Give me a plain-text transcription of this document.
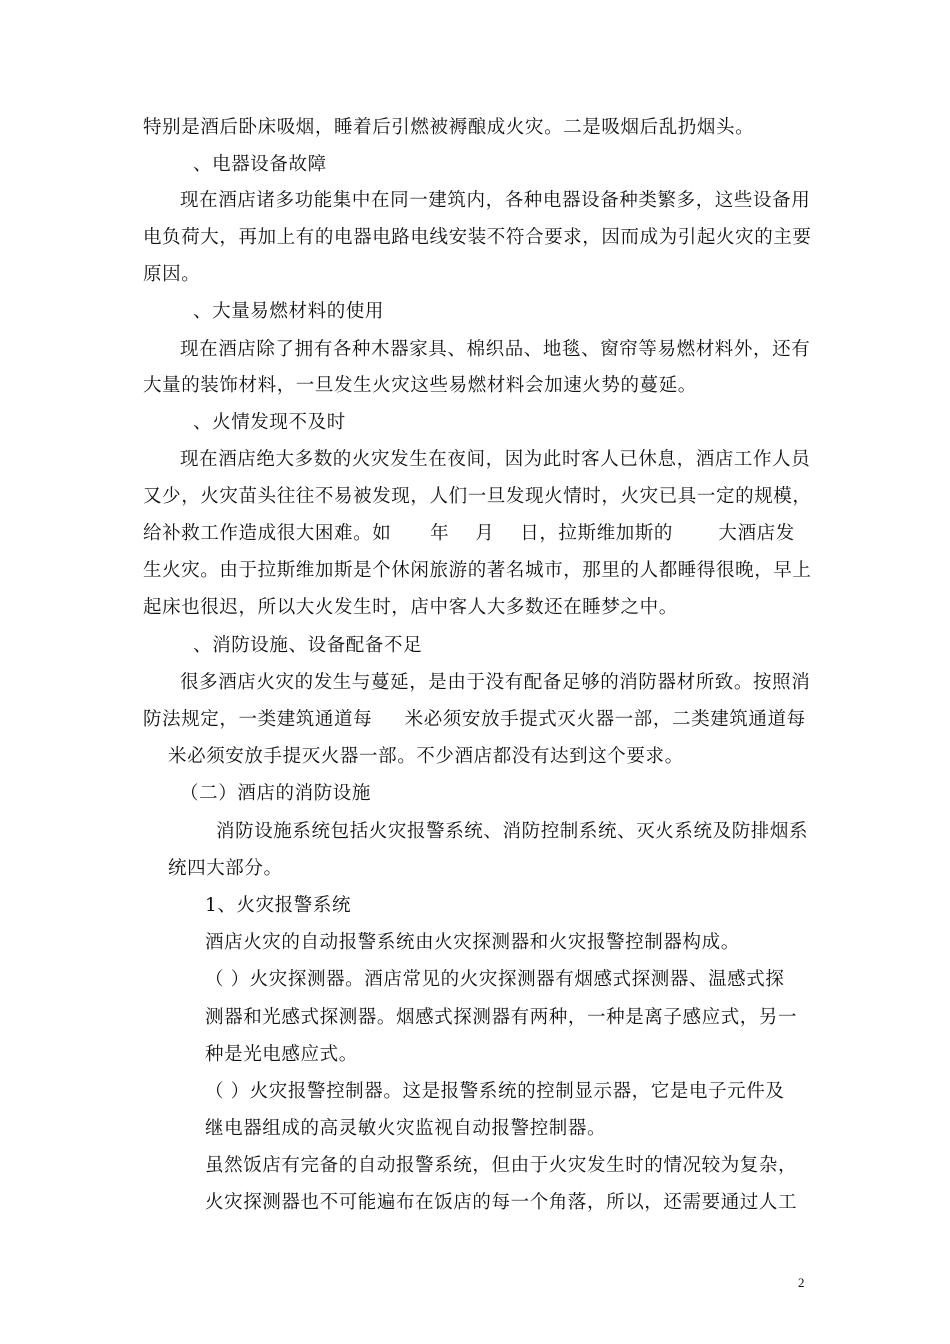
特别是酒后卧床吸烟，睡着后引燃被褥酿成火灾。二是吸烟后乱扔烟头。
、电器设备故障
现在酒店诸多功能集中在同一建筑内，各种电器设备种类繁多，这些设备用
电负荷大，再加上有的电器电路电线安装不符合要求，因而成为引起火灾的主要
原因。
、大量易燃材料的使用
现在酒店除了拥有各种木器家具、棉织品、地毯、窗帘等易燃材料外，还有
大量的装饰材料，一旦发生火灾这些易燃材料会加速火势的蔓延。
、火情发现不及时
现在酒店绝大多数的火灾发生在夜间，因为此时客人已休息，酒店工作人员
又少，火灾苗头往往不易被发现，人们一旦发现火情时，火灾已具一定的规模，
给补救工作造成很大困难。如      年    月    日，拉斯维加斯的       大酒店发
生火灾。由于拉斯维加斯是个休闲旅游的著名城市，那里的人都睡得很晚，早上
起床也很迟，所以大火发生时，店中客人大多数还在睡梦之中。
、消防设施、设备配备不足
很多酒店火灾的发生与蔓延，是由于没有配备足够的消防器材所致。按照消
防法规定，一类建筑通道每     米必须安放手提式灭火器一部，二类建筑通道每
米必须安放手提灭火器一部。不少酒店都没有达到这个要求。
（二）酒店的消防设施
消防设施系统包括火灾报警系统、消防控制系统、灭火系统及防排烟系
统四大部分。
1、火灾报警系统
酒店火灾的自动报警系统由火灾探测器和火灾报警控制器构成。
（ ）火灾探测器。酒店常见的火灾探测器有烟感式探测器、温感式探
测器和光感式探测器。烟感式探测器有两种，一种是离子感应式，另一
种是光电感应式。
（ ）火灾报警控制器。这是报警系统的控制显示器，它是电子元件及
继电器组成的高灵敏火灾监视自动报警控制器。
虽然饭店有完备的自动报警系统，但由于火灾发生时的情况较为复杂，
火灾探测器也不可能遍布在饭店的每一个角落，所以，还需要通过人工
2
